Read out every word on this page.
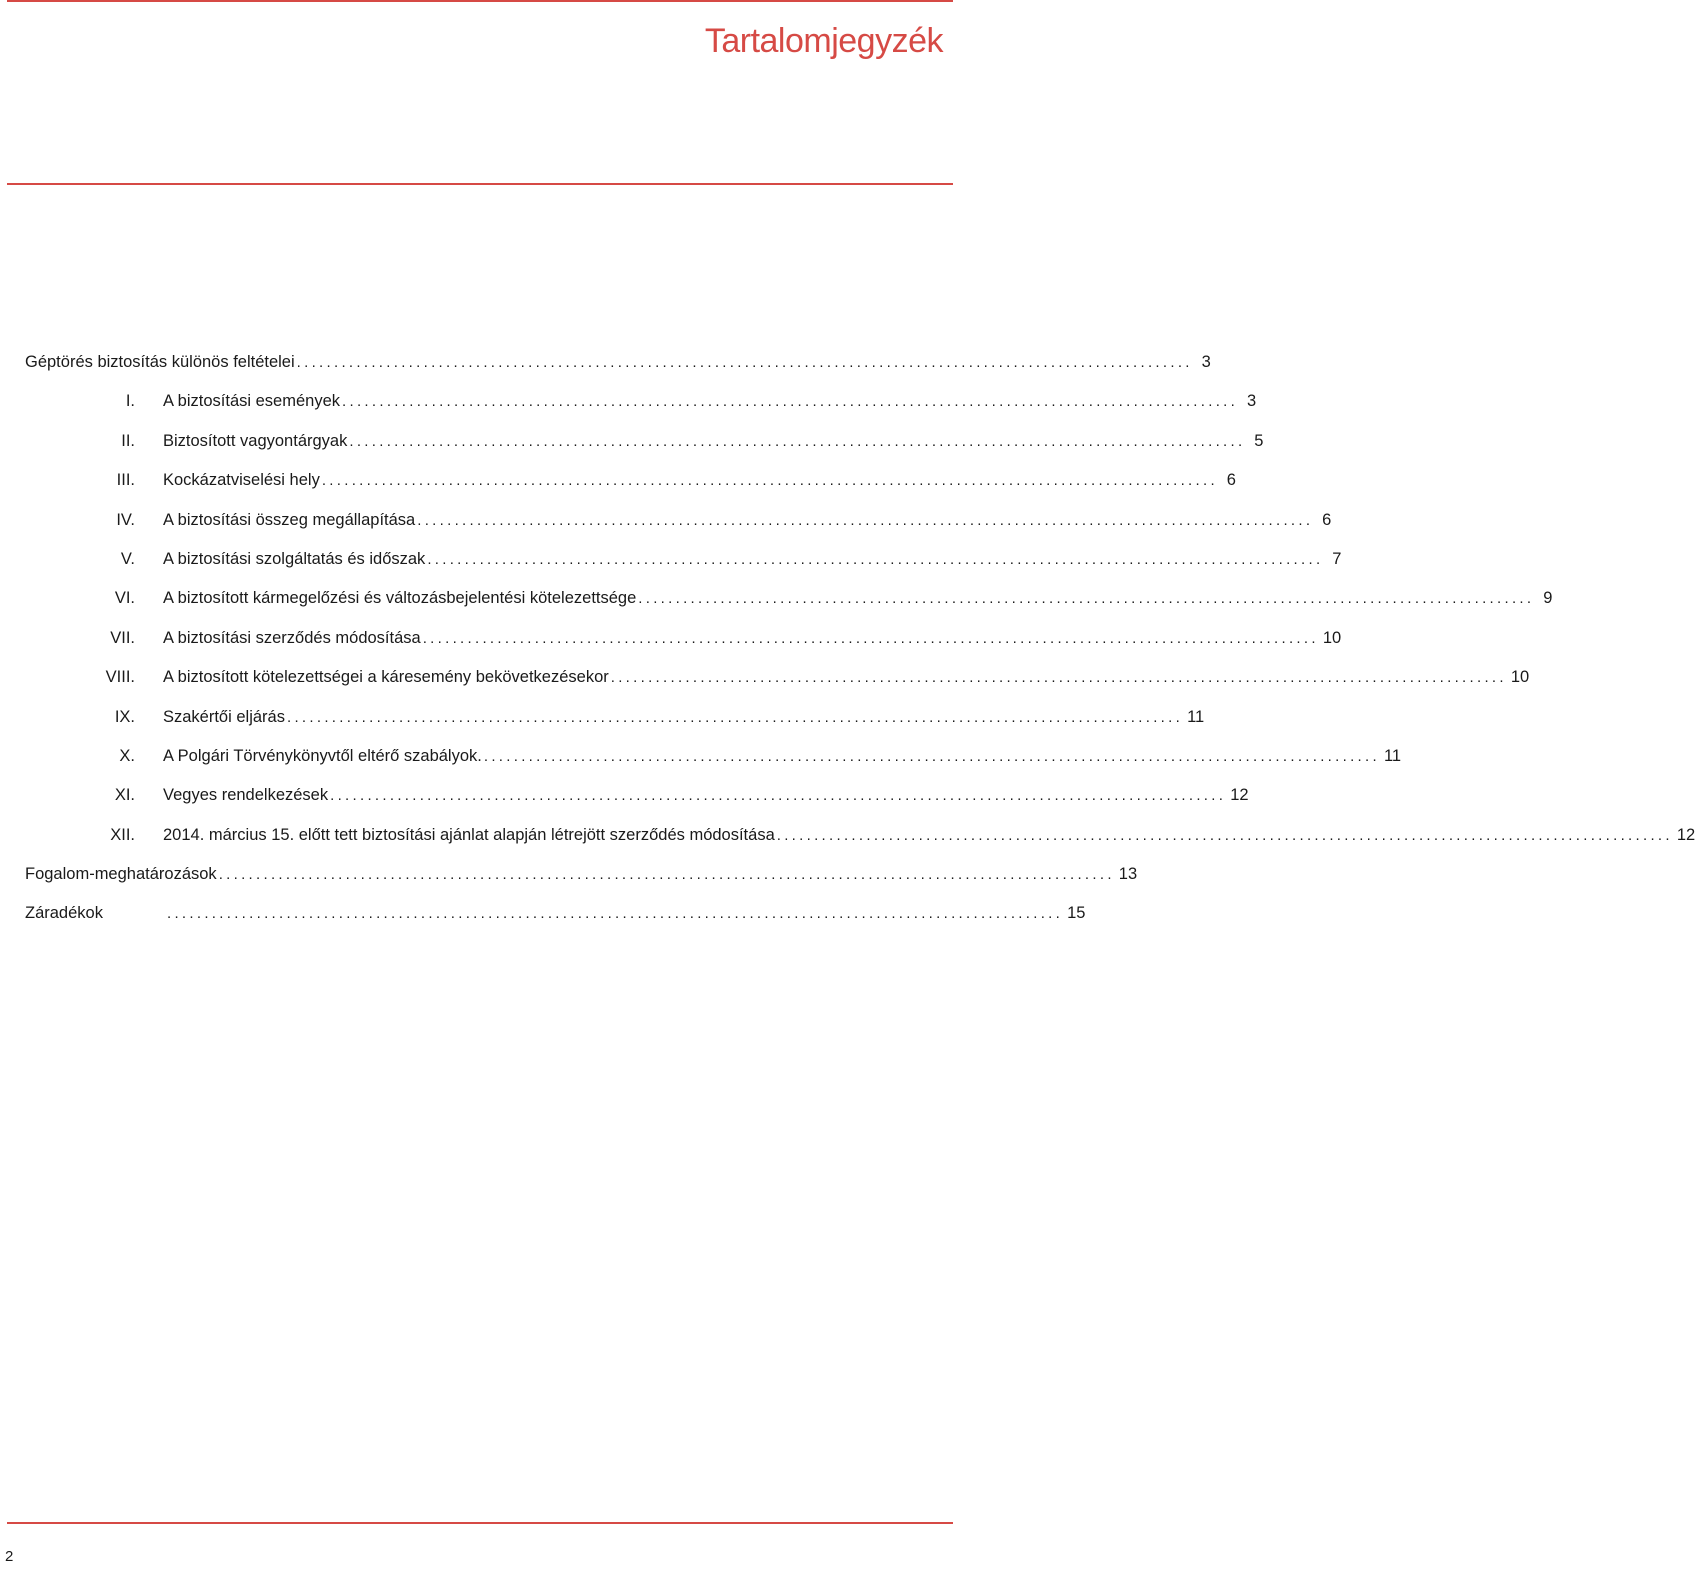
Tartalomjegyzék
Géptörés biztosítás különös feltételei ........................................................................................................................ 3
I.	A biztosítási események ........................................................................................................................ 3
II.	Biztosított vagyontárgyak ........................................................................................................................ 5
III.	Kockázatviselési hely ........................................................................................................................ 6
IV.	A biztosítási összeg megállapítása ........................................................................................................................ 6
V.	A biztosítási szolgáltatás és időszak ........................................................................................................................ 7
VI.	A biztosított kármegelőzési és változásbejelentési kötelezettsége ........................................................................................................................ 9
VII.	A biztosítási szerződés módosítása ........................................................................................................................ 10
VIII.	A biztosított kötelezettségei a káresemény bekövetkezésekor ........................................................................................................................ 10
IX.	Szakértői eljárás ........................................................................................................................ 11
X.	A Polgári Törvénykönyvtől eltérő szabályok. ........................................................................................................................ 11
XI.	Vegyes rendelkezések ........................................................................................................................ 12
XII.	2014. március 15. előtt tett biztosítási ajánlat alapján létrejött szerződés módosítása ........................................................................................................................ 12
Fogalom-meghatározások ........................................................................................................................ 13
Záradékok	........................................................................................................................ 15
2
